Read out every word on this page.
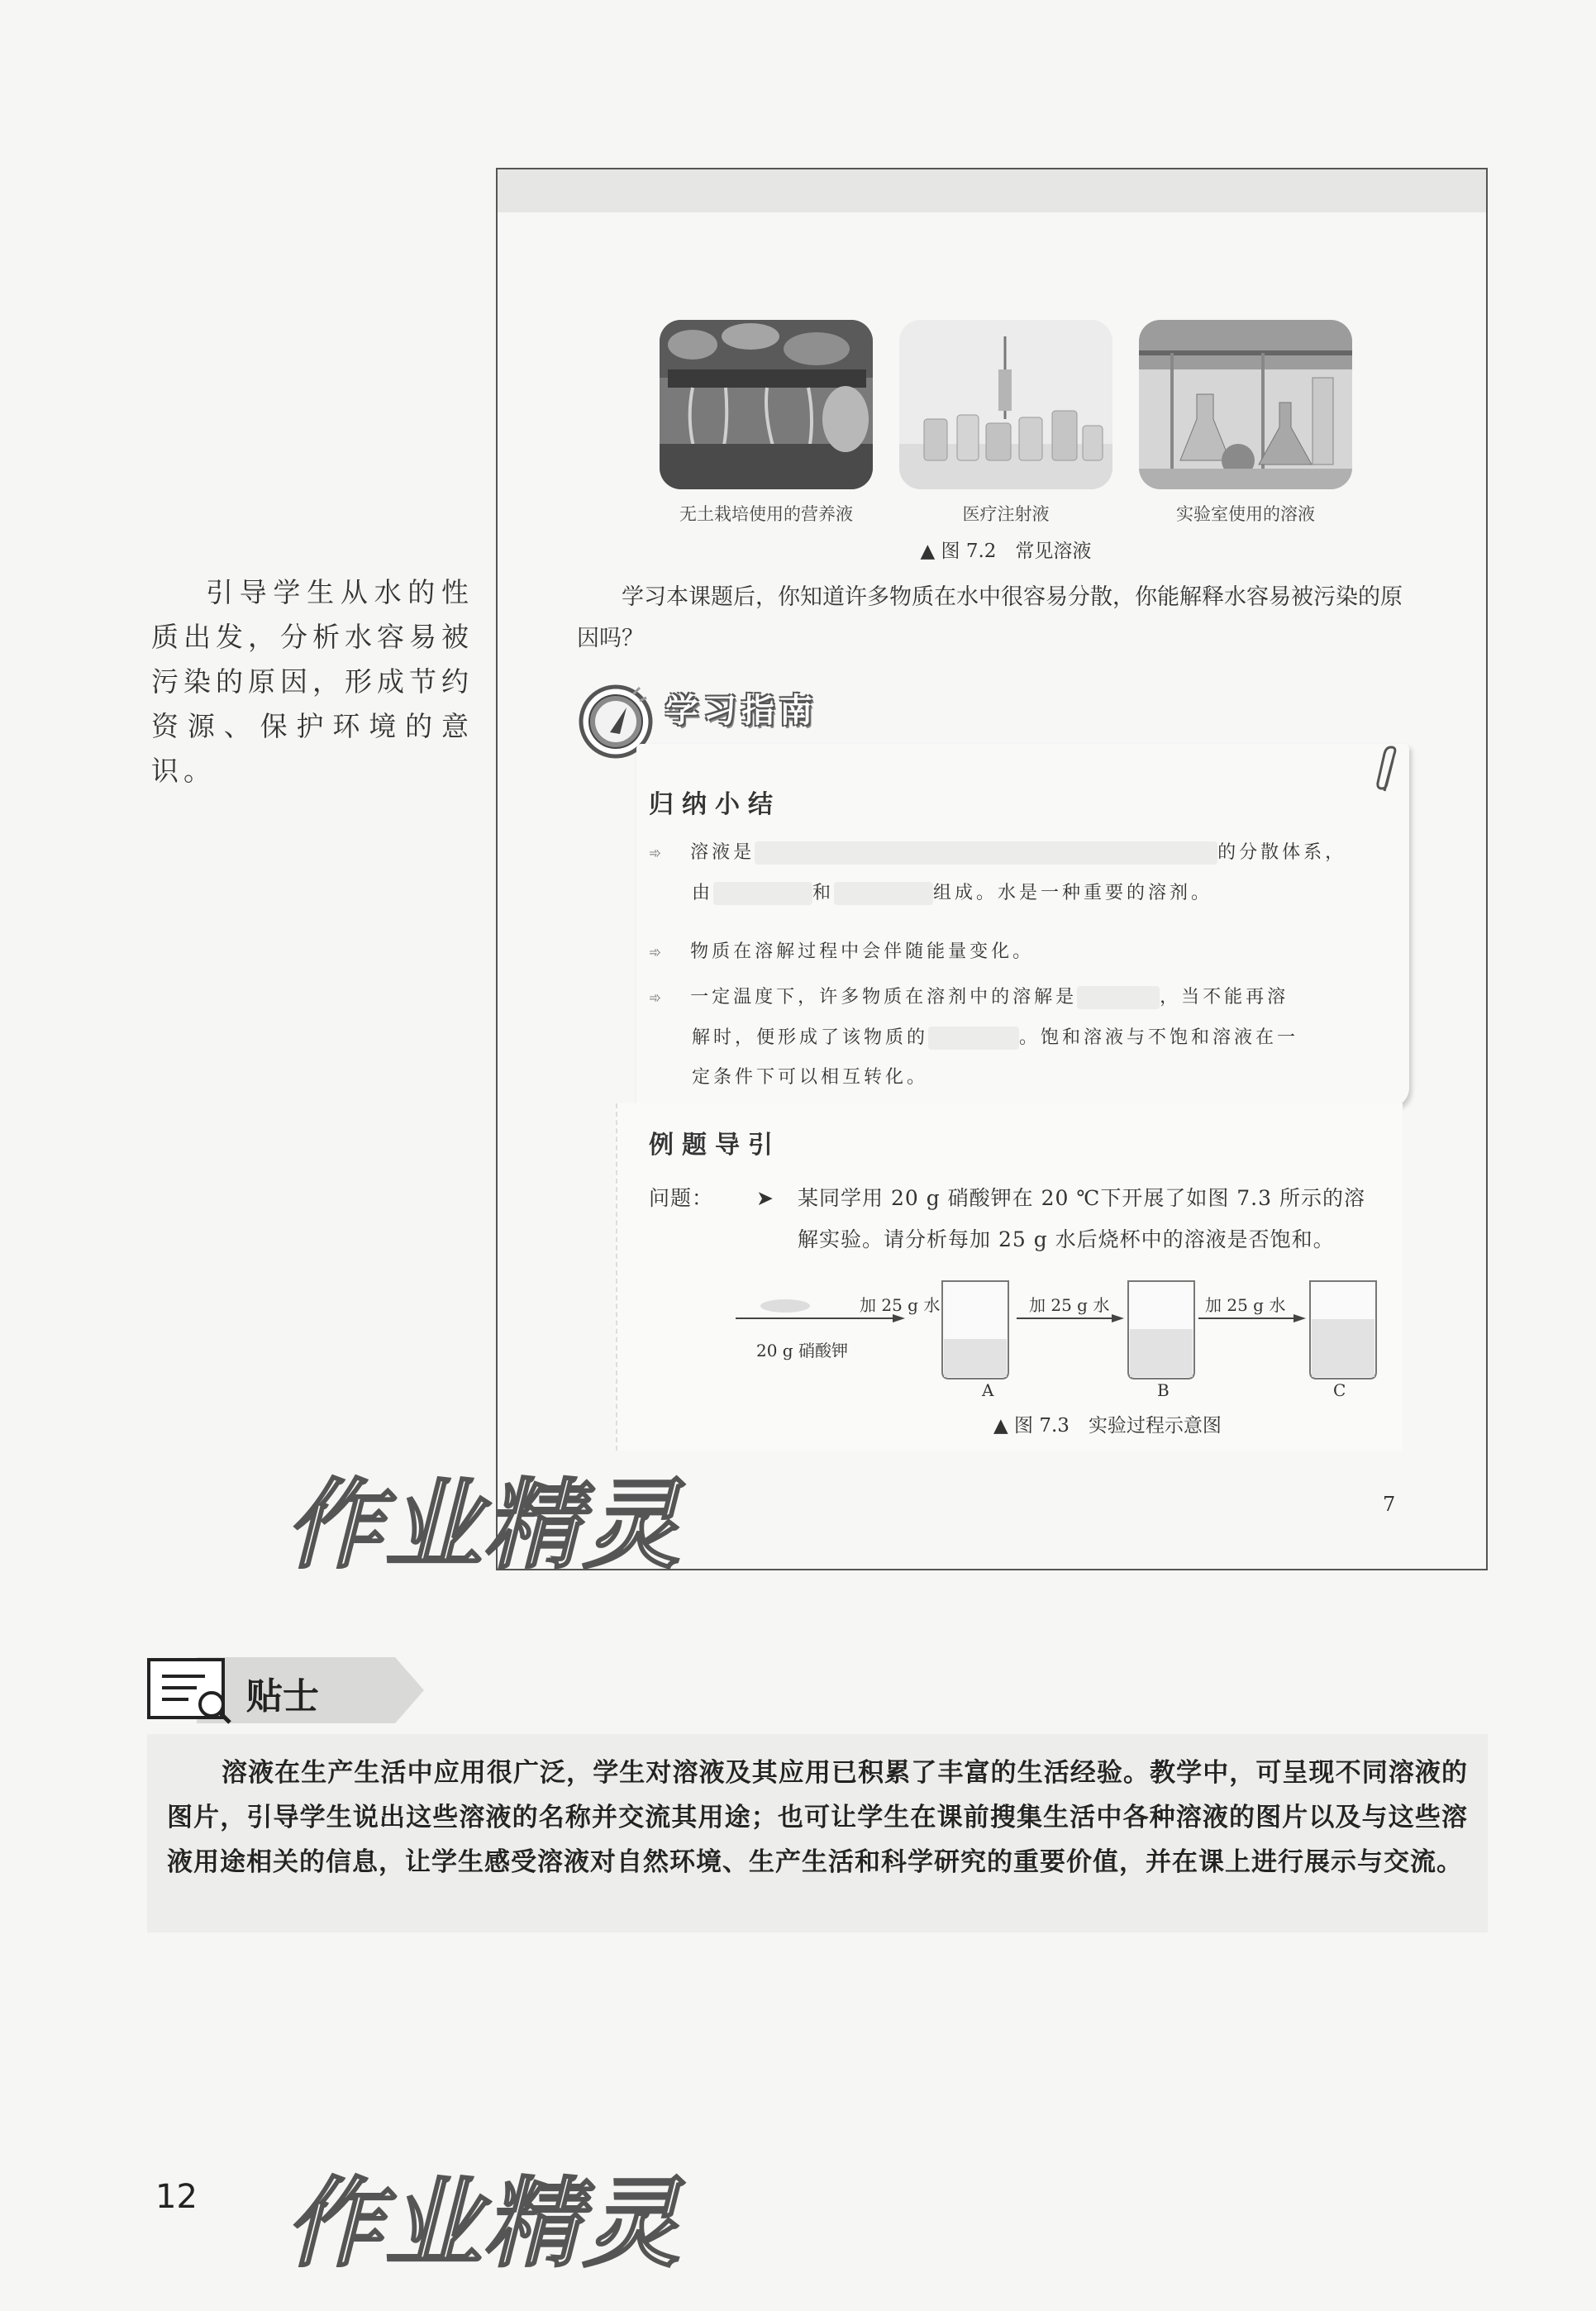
引导学生从水的性质出发，分析水容易被污染的原因，形成节约资源、保护环境的意识。
无土栽培使用的营养液	医疗注射液	实验室使用的溶液
▲ 图 7.2　常见溶液
学习本课题后，你知道许多物质在水中很容易分散，你能解释水容易被污染的原因吗？
学习指南
归纳小结
➾ 溶液是	的分散体系，
由	和	组成。水是一种重要的溶剂。
➾ 物质在溶解过程中会伴随能量变化。
➾ 一定温度下，许多物质在溶剂中的溶解是	，当不能再溶
解时，便形成了该物质的	。饱和溶液与不饱和溶液在一
定条件下可以相互转化。
例题导引
问题： ➤ 某同学用 20 g 硝酸钾在 20 ℃下开展了如图 7.3 所示的溶
解实验。请分析每加 25 g 水后烧杯中的溶液是否饱和。
加 25 g 水	加 25 g 水	加 25 g 水
20 g 硝酸钾
A	B	C
▲ 图 7.3　实验过程示意图
7
作业精灵
作业精灵
贴士
溶液在生产生活中应用很广泛，学生对溶液及其应用已积累了丰富的生活经验。教学中，可呈现不同溶液的图片，引导学生说出这些溶液的名称并交流其用途；也可让学生在课前搜集生活中各种溶液的图片以及与这些溶液用途相关的信息，让学生感受溶液对自然环境、生产生活和科学研究的重要价值，并在课上进行展示与交流。
12
